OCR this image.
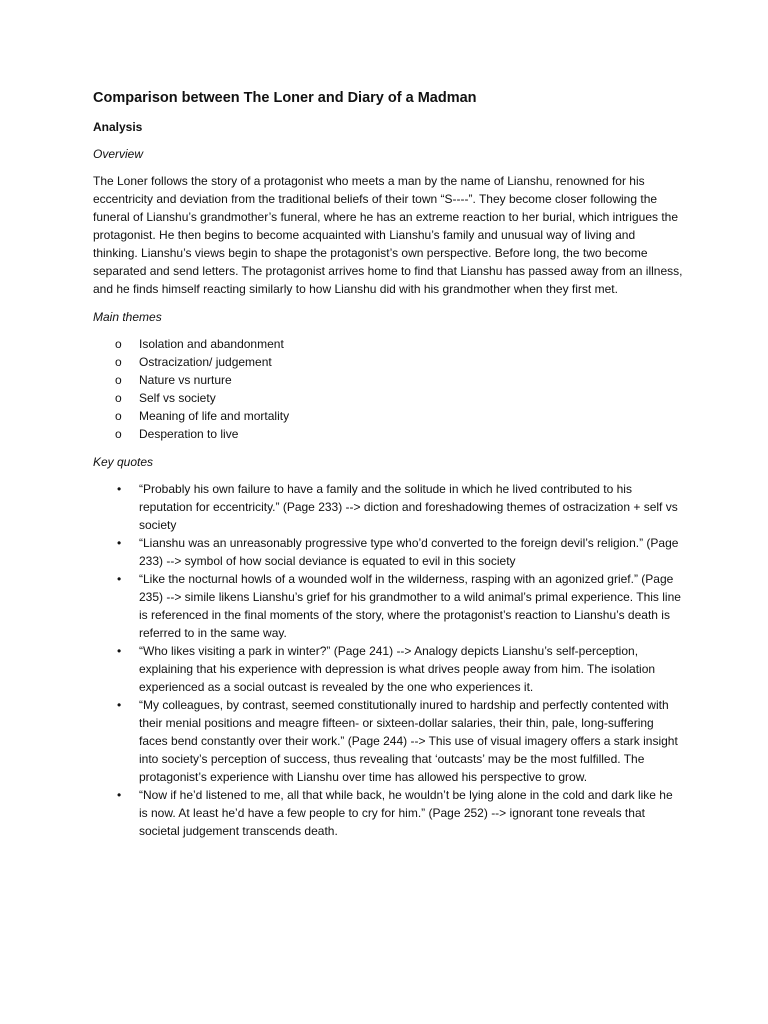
Comparison between The Loner and Diary of a Madman
Analysis
Overview

The Loner follows the story of a protagonist who meets a man by the name of Lianshu, renowned for his eccentricity and deviation from the traditional beliefs of their town “S----”. They become closer following the funeral of Lianshu’s grandmother’s funeral, where he has an extreme reaction to her burial, which intrigues the protagonist. He then begins to become acquainted with Lianshu’s family and unusual way of living and thinking. Lianshu’s views begin to shape the protagonist’s own perspective. Before long, the two become separated and send letters. The protagonist arrives home to find that Lianshu has passed away from an illness, and he finds himself reacting similarly to how Lianshu did with his grandmother when they first met.

Main themes
o Isolation and abandonment
o Ostracization/ judgement
o Nature vs nurture
o Self vs society
o Meaning of life and mortality
o Desperation to live
Key quotes
• “Probably his own failure to have a family and the solitude in which he lived contributed to his reputation for eccentricity.” (Page 233) --> diction and foreshadowing themes of ostracization + self vs society
• “Lianshu was an unreasonably progressive type who’d converted to the foreign devil’s religion.” (Page 233) --> symbol of how social deviance is equated to evil in this society
• “Like the nocturnal howls of a wounded wolf in the wilderness, rasping with an agonized grief.” (Page 235) --> simile likens Lianshu’s grief for his grandmother to a wild animal’s primal experience. This line is referenced in the final moments of the story, where the protagonist’s reaction to Lianshu’s death is referred to in the same way.
• “Who likes visiting a park in winter?” (Page 241) --> Analogy depicts Lianshu’s self-perception, explaining that his experience with depression is what drives people away from him. The isolation experienced as a social outcast is revealed by the one who experiences it.
• “My colleagues, by contrast, seemed constitutionally inured to hardship and perfectly contented with their menial positions and meagre fifteen- or sixteen-dollar salaries, their thin, pale, long-suffering faces bend constantly over their work.” (Page 244) --> This use of visual imagery offers a stark insight into society’s perception of success, thus revealing that ‘outcasts’ may be the most fulfilled. The protagonist’s experience with Lianshu over time has allowed his perspective to grow.
• “Now if he’d listened to me, all that while back, he wouldn’t be lying alone in the cold and dark like he is now. At least he’d have a few people to cry for him.” (Page 252) --> ignorant tone reveals that societal judgement transcends death.
